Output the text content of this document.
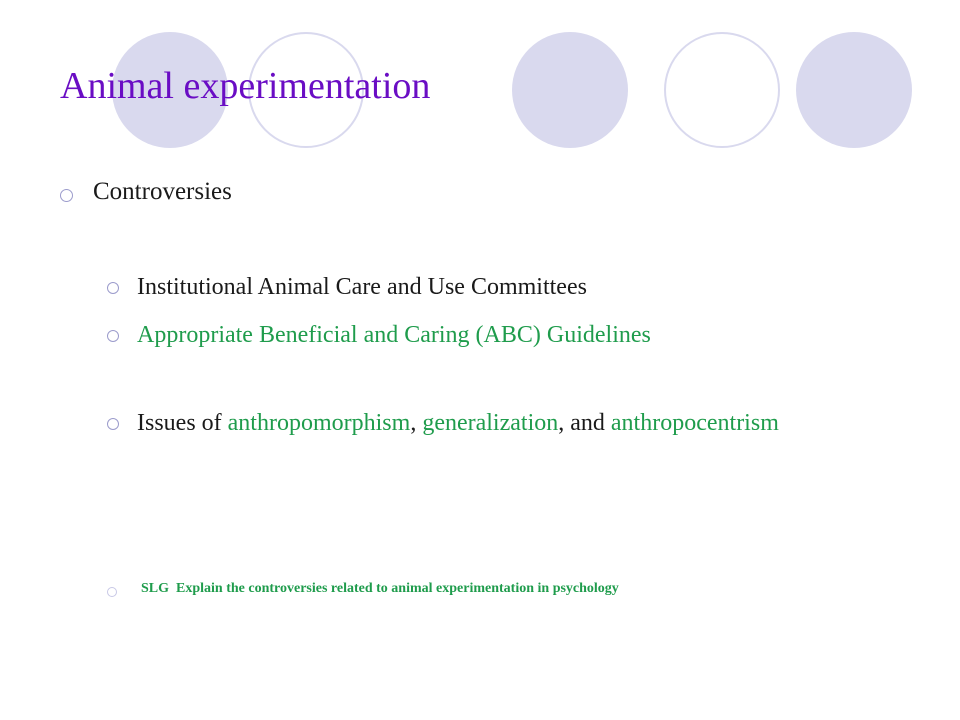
Animal experimentation
Controversies
Institutional Animal Care and Use Committees
Appropriate Beneficial and Caring (ABC) Guidelines
Issues of anthropomorphism, generalization, and anthropocentrism
SLG  Explain the controversies related to animal experimentation in psychology
